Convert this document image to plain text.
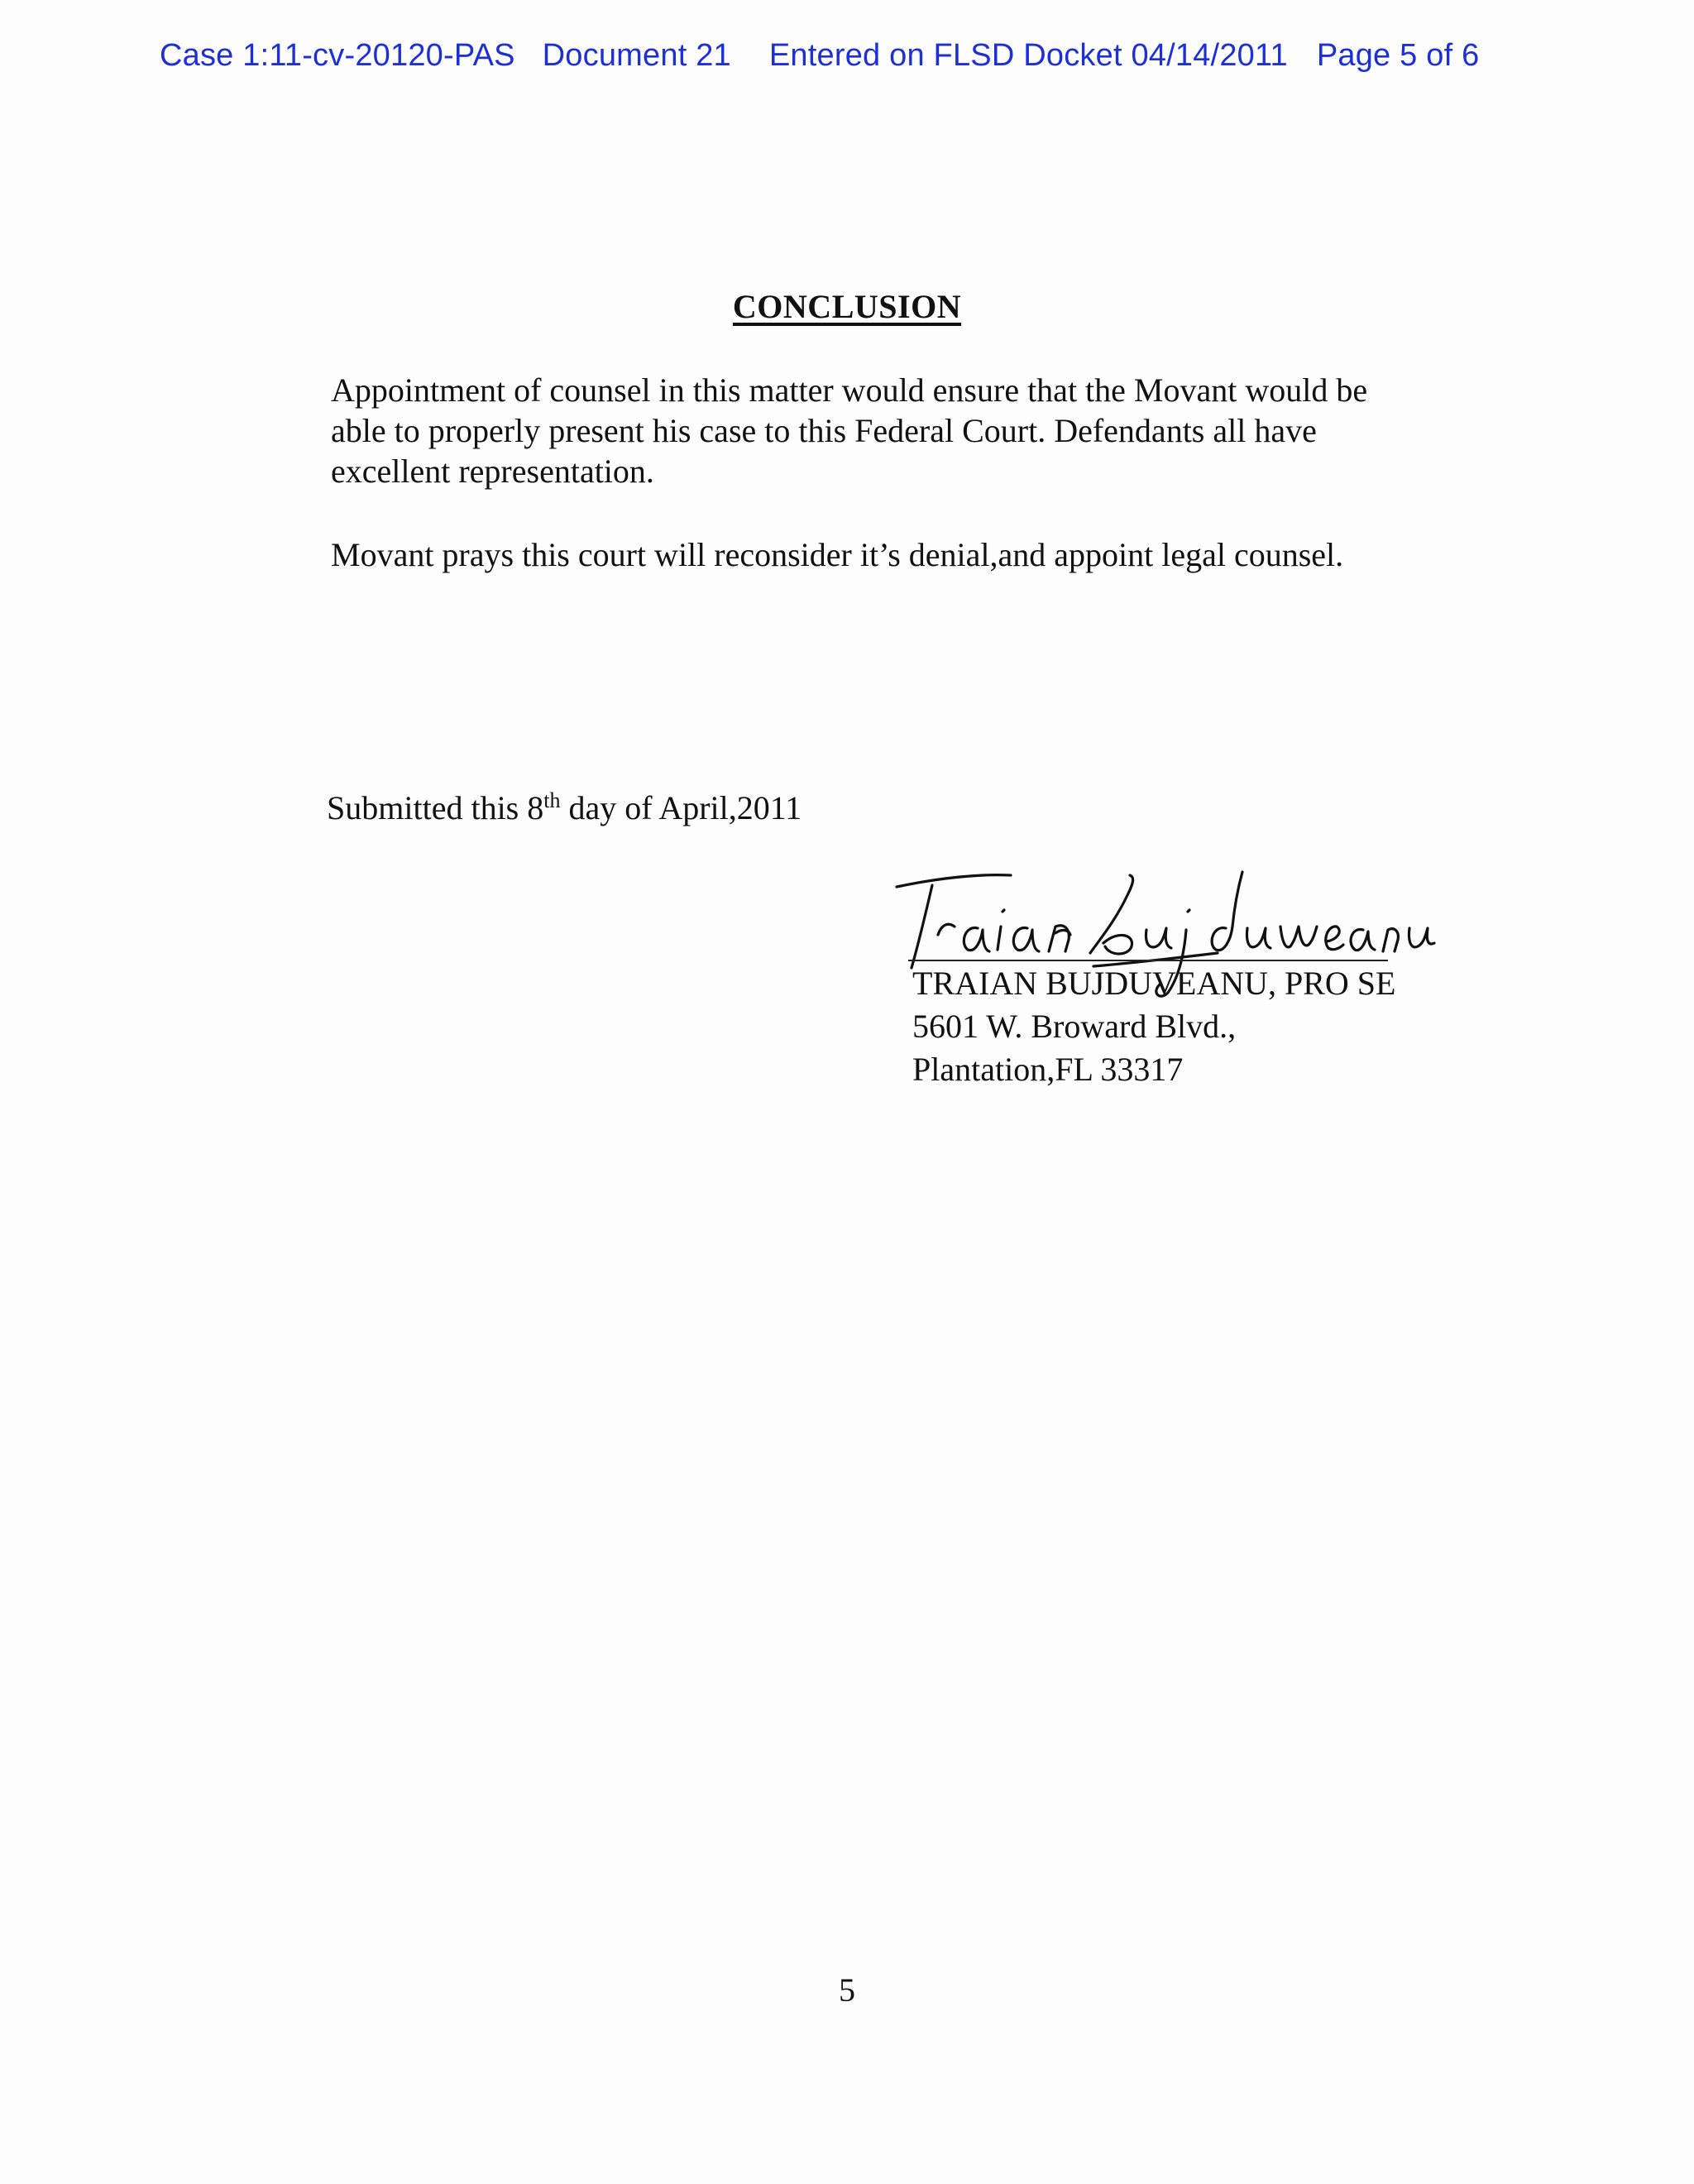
Case 1:11-cv-20120-PAS Document 21 Entered on FLSD Docket 04/14/2011 Page 5 of 6
CONCLUSION
Appointment of counsel in this matter would ensure that the Movant would be able to properly present his case to this Federal Court. Defendants all have excellent representation.
Movant prays this court will reconsider it’s denial,and appoint legal counsel.
Submitted this 8th day of April,2011
TRAIAN BUJDUVEANU, PRO SE
5601 W. Broward Blvd.,
Plantation,FL 33317
5
